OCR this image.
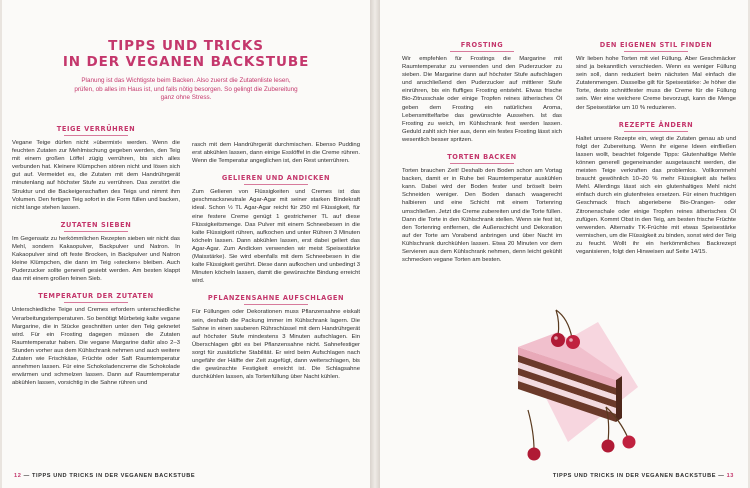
TIPPS UND TRICKS
IN DER VEGANEN BACKSTUBE

Planung ist das Wichtigste beim Backen. Also zuerst die Zutatenliste lesen, prüfen, ob alles im Haus ist, und falls nötig besorgen. So gelingt die Zubereitung ganz ohne Stress.

TEIGE VERRÜHREN

Vegane Teige dürfen nicht »übermixt« werden. Wenn die feuchten Zutaten zur Mehlmischung gegeben werden, den Teig mit einem großen Löffel zügig verrühren, bis sich alles verbunden hat. Kleinere Klümpchen stören nicht und lösen sich gut auf. Vermeidet es, die Zutaten mit dem Handrührgerät minutenlang auf höchster Stufe zu verrühren. Das zerstört die Struktur und die Backeigenschaften des Teigs und nimmt ihm Volumen. Den fertigen Teig sofort in die Form füllen und backen, nicht lange stehen lassen.

ZUTATEN SIEBEN

Im Gegensatz zu herkömmlichen Rezepten sieben wir nicht das Mehl, sondern Kakaopulver, Backpulver und Natron. In Kakaopulver sind oft feste Brocken, in Backpulver und Natron kleine Klümpchen, die dann im Teig »stecken« bleiben. Auch Puderzucker sollte generell gesiebt werden. Am besten klappt das mit einem großen feinen Sieb.

TEMPERATUR DER ZUTATEN

Unterschiedliche Teige und Cremes erfordern unterschiedliche Verarbeitungstemperaturen. So benötigt Mürbeteig kalte vegane Margarine, die in Stücke geschnitten unter den Teig geknetet wird. Für ein Frosting dagegen müssen die Zutaten Raumtemperatur haben. Die vegane Margarine dafür also 2–3 Stunden vorher aus dem Kühlschrank nehmen und auch weitere Zutaten wie Frischkäse, Früchte oder Saft Raumtemperatur annehmen lassen. Für eine Schokoladencreme die Schokolade erwärmen und schmelzen lassen. Dann auf Raumtemperatur abkühlen lassen, vorsichtig in die Sahne rühren und

rasch mit dem Handrührgerät durchmischen. Ebenso Pudding erst abkühlen lassen, dann einige Esslöffel in die Creme rühren. Wenn die Temperatur angeglichen ist, den Rest unterrühren.

GELIEREN UND ANDICKEN

Zum Gelieren von Flüssigkeiten und Cremes ist das geschmacksneutrale Agar-Agar mit seiner starken Bindekraft ideal. Schon ½ TL Agar-Agar reicht für 250 ml Flüssigkeit, für eine festere Creme genügt 1 gestrichener TL auf diese Flüssigkeitsmenge. Das Pulver mit einem Schneebesen in die kalte Flüssigkeit rühren, aufkochen und unter Rühren 3 Minuten köcheln lassen. Dann abkühlen lassen, erst dabei geliert das Agar-Agar. Zum Andicken verwenden wir meist Speisestärke (Maisstärke). Sie wird ebenfalls mit dem Schneebesen in die kalte Flüssigkeit gerührt. Diese dann aufkochen und unbedingt 3 Minuten köcheln lassen, damit die gewünschte Bindung erreicht wird.

PFLANZENSAHNE AUFSCHLAGEN

Für Füllungen oder Dekorationen muss Pflanzensahne eiskalt sein, deshalb die Packung immer im Kühlschrank lagern. Die Sahne in einen sauberen Rührschüssel mit dem Handrührgerät auf höchster Stufe mindestens 3 Minuten aufschlagen. Ein Überschlagen gibt es bei Pflanzensahne nicht. Sahnefestiger sorgt für zusätzliche Stabilität. Er wird beim Aufschlagen nach ungefähr der Hälfte der Zeit zugefügt, dann weiterschlagen, bis die gewünschte Festigkeit erreicht ist. Die Schlagsahne durchkühlen lassen, als Tortenfüllung über Nacht kühlen.

12 — TIPPS UND TRICKS IN DER VEGANEN BACKSTUBE
FROSTING

Wir empfehlen für Frostings die Margarine mit Raumtemperatur zu verwenden und den Puderzucker zu sieben. Die Margarine dann auf höchster Stufe aufschlagen und anschließend den Puderzucker auf mittlerer Stufe einrühren, bis ein fluffiges Frosting entsteht. Etwas frische Bio-Zitrusschale oder einige Tropfen reines ätherisches Öl geben dem Frosting ein natürliches Aroma, Lebensmittelfarbe das gewünschte Aussehen. Ist das Frosting zu weich, im Kühlschrank fest werden lassen. Geduld zahlt sich hier aus, denn ein festes Frosting lässt sich wesentlich besser spritzen.

TORTEN BACKEN

Torten brauchen Zeit! Deshalb den Boden schon am Vortag backen, damit er in Ruhe bei Raumtemperatur auskühlen kann. Dabei wird der Boden fester und bröselt beim Schneiden weniger. Den Boden danach waagerecht halbieren und eine Schicht mit einem Tortenring umschließen. Jetzt die Creme zubereiten und die Torte füllen. Dann die Torte in den Kühlschrank stellen. Wenn sie fest ist, den Tortenring entfernen, die Außenschicht und Dekoration auf der Torte am Vorabend anbringen und über Nacht im Kühlschrank durchkühlen lassen. Etwa 20 Minuten vor dem Servieren aus dem Kühlschrank nehmen, denn leicht gekühlt schmecken vegane Torten am besten.

DEN EIGENEN STIL FINDEN

Wir lieben hohe Torten mit viel Füllung. Aber Geschmäcker sind ja bekanntlich verschieden. Wenn es weniger Füllung sein soll, dann reduziert beim nächsten Mal einfach die Zutatenmengen. Dasselbe gilt für Speisestärke: Je höher die Torte, desto schnittfester muss die Creme für die Füllung sein. Wer eine weichere Creme bevorzugt, kann die Menge der Speisestärke um 10 % reduzieren.

REZEPTE ÄNDERN

Haltet unsere Rezepte ein, wiegt die Zutaten genau ab und folgt der Zubereitung. Wenn ihr eigene Ideen einfließen lassen wollt, beachtet folgende Tipps: Glutenhaltige Mehle können generell gegeneinander ausgetauscht werden, die meisten Teige verkraften das problemlos. Vollkornmehl braucht gewöhnlich 10–20 % mehr Flüssigkeit als helles Mehl. Allerdings lässt sich ein glutenhaltiges Mehl nicht einfach durch ein glutenfreies ersetzen. Für einen fruchtigen Geschmack frisch abgeriebene Bio-Orangen- oder Zitronenschale oder einige Tropfen reines ätherisches Öl zufügen. Kommt Obst in den Teig, am besten frische Früchte verwenden. Alternativ TK-Früchte mit etwas Speisestärke vermischen, um die Flüssigkeit zu binden, sonst wird der Teig zu feucht. Wollt ihr ein herkömmliches Backrezept veganisieren, folgt den Hinweisen auf Seite 14/15.

TIPPS UND TRICKS IN DER VEGANEN BACKSTUBE — 13
